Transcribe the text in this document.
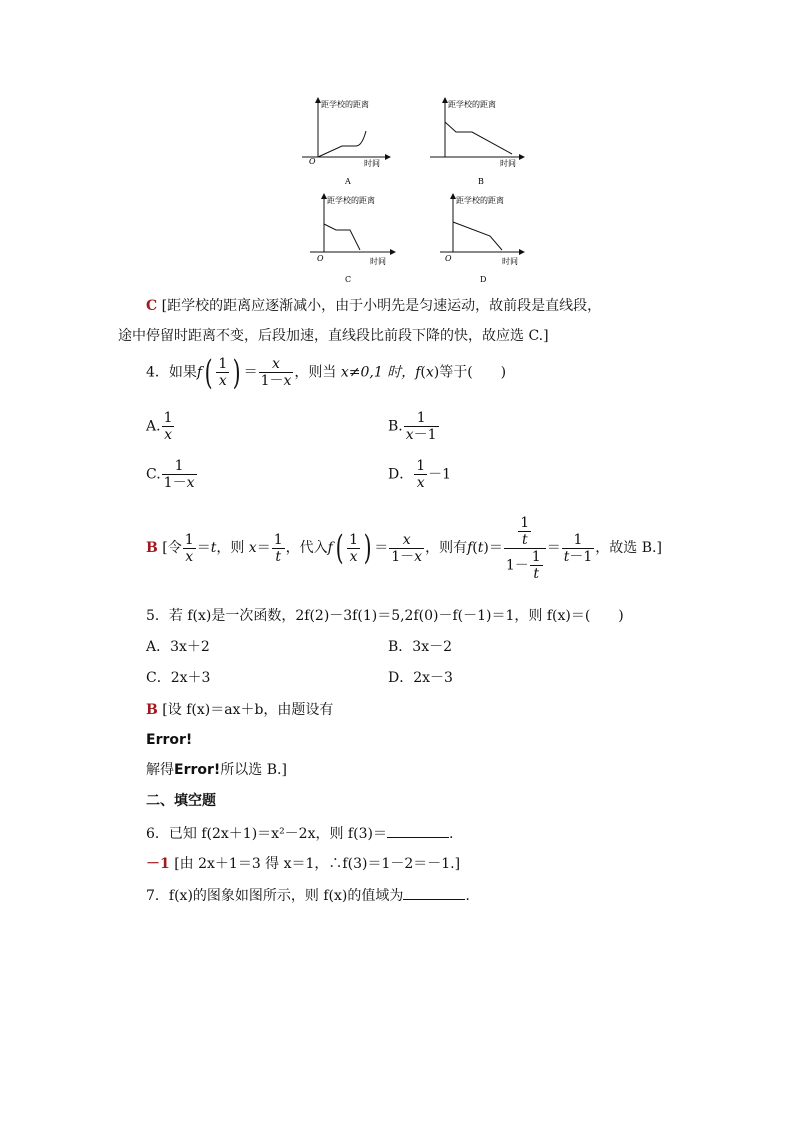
距学校的距离
时间
O
A
距学校的距离
时间
B
距学校的距离
时间
O
C
距学校的距离
时间
O
D
C [距学校的距离应逐渐减小，由于小明先是匀速运动，故前段是直线段，
途中停留时距离不变，后段加速，直线段比前段下降的快，故应选 C.]
4．如果$f( \frac{1}{x}$ ) ＝ $\frac{x}{1-x}$ ，则当 x≠0,1 时，f(x)等于(　　)
A. $\frac{1}{x}$	B. $\frac{1}{x-1}$
C. $\frac{1}{1-x}$	D． $\frac{1}{x} -1$
B [令 $\frac{1}{x} =t$，则 $x= \frac{1}{t}$ ，代入$f( \frac{1}{x}$ ) ＝ $\frac{x}{1-x}$ ，则有$f(t)= \frac{\frac{1}{t}}{1- \frac{1}{t}} = \frac{1}{t-1}$ ，故选 B.]
5．若 f(x)是一次函数，2f(2)－3f(1)＝5,2f(0)－f(－1)＝1，则 f(x)＝(　　)
A．3x＋2	B．3x－2
C．2x＋3	D．2x－3
B [设 f(x)＝ax＋b，由题设有
Error!
解得Error!所以选 B.]
二、填空题
6．已知 f(2x＋1)＝x²－2x，则 f(3)＝	.
－1 [由 2x＋1＝3 得 x＝1，∴f(3)＝1－2＝－1.]
7．f(x)的图象如图所示，则 f(x)的值域为	.
